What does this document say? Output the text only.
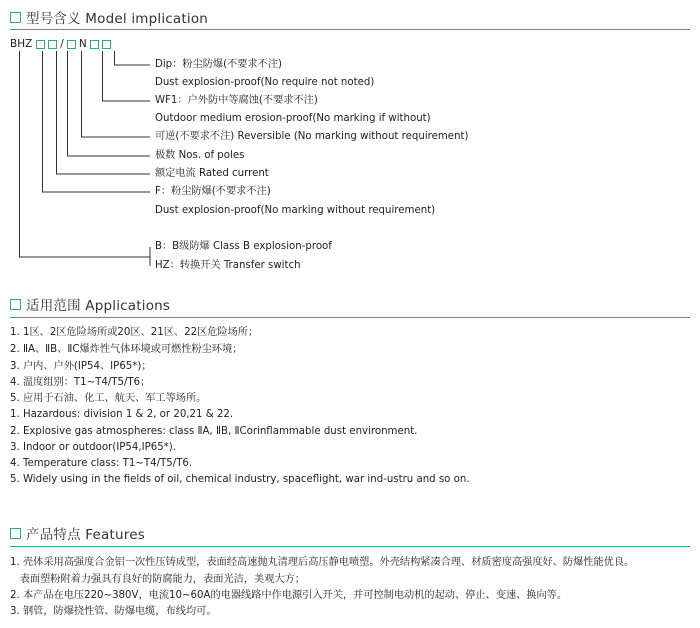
型号含义 Model implication
BHZ	/ N
Dip：粉尘防爆(不要求不注)
Dust explosion-proof(No require not noted)
WF1：户外防中等腐蚀(不要求不注)
Outdoor medium erosion-proof(No marking if without)
可逆(不要求不注) Reversible (No marking without requirement)
极数 Nos. of poles
额定电流 Rated current
F：粉尘防爆(不要求不注)
Dust explosion-proof(No marking without requirement)
B：B级防爆 Class B explosion-proof
HZ：转换开关 Transfer switch
适用范围 Applications
1. 1区、2区危险场所或20区、21区、22区危险场所；
2. ⅡA、ⅡB、ⅡC爆炸性气体环境或可燃性粉尘环境；
3. 户内、户外(IP54、IP65*)；
4. 温度组别：T1~T4/T5/T6；
5. 应用于石油、化工、航天、军工等场所。
1. Hazardous: division 1 & 2, or 20,21 & 22.
2. Explosive gas atmospheres: class ⅡA, ⅡB, ⅡCorinflammable dust environment.
3. Indoor or outdoor(IP54,IP65*).
4. Temperature class: T1~T4/T5/T6.
5. Widely using in the fields of oil, chemical industry, spaceflight, war ind-ustru and so on.
产品特点 Features
1. 壳体采用高强度合金铝一次性压铸成型，表面经高速抛丸清理后高压静电喷塑。外壳结构紧凑合理、材质密度高强度好、防爆性能优良。
表面塑粉附着力强具有良好的防腐能力，表面光洁，美观大方；
2. 本产品在电压220~380V，电流10~60A的电器线路中作电源引入开关，并可控制电动机的起动、停止、变速、换向等。
3. 钢管，防爆挠性管、防爆电缆，布线均可。
